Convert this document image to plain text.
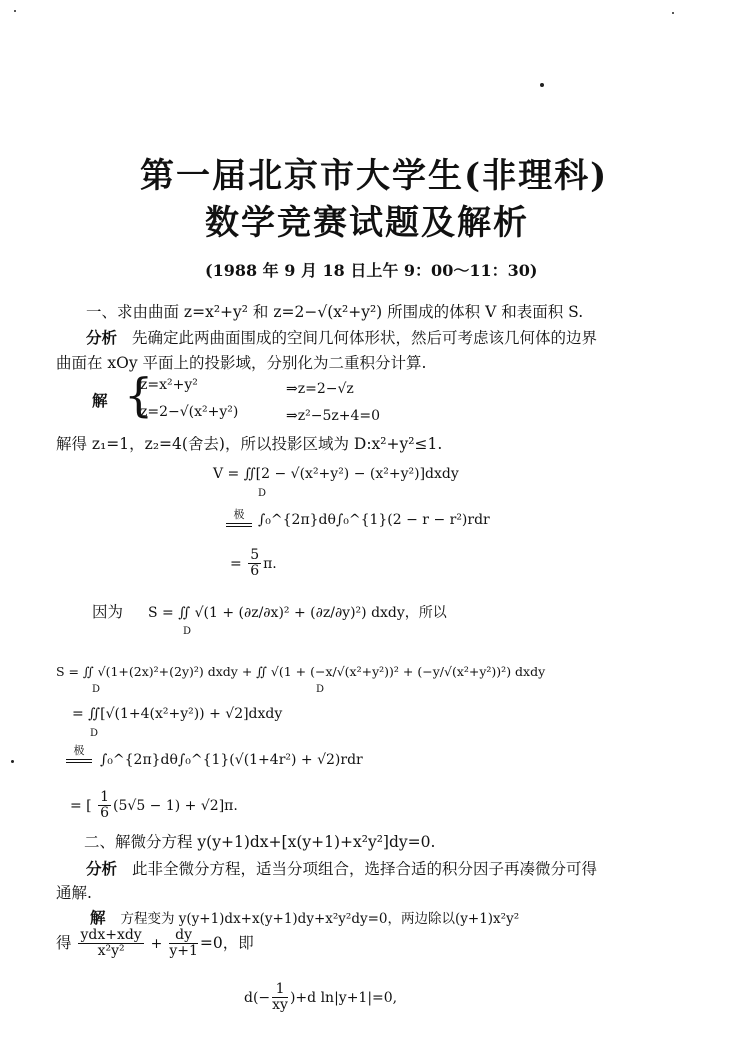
第一届北京市大学生(非理科)
数学竞赛试题及解析
(1988 年 9 月 18 日上午 9：00～11：30)
一、求由曲面 z=x²+y² 和 z=2−√(x²+y²) 所围成的体积 V 和表面积 S.
分析 先确定此两曲面围成的空间几何体形状，然后可考虑该几何体的边界
曲面在 xOy 平面上的投影域，分别化为二重积分计算.
解 {
z=x²+y²	⇒z=2−√z
z=2−√(x²+y²)	⇒z²−5z+4=0
解得 z₁=1，z₂=4(舍去)，所以投影区域为 D:x²+y²≤1.
V = ∬[2 − √(x²+y²) − (x²+y²)]dxdy
D
极 ∫₀^{2π}dθ∫₀^{1}(2 − r − r²)rdr
= $\frac{5}{6} \pi$.
因为 S = ∬ √(1 + (∂z/∂x)² + (∂z/∂y)²) dxdy，所以
D
S = ∬ √(1+(2x)²+(2y)²) dxdy + ∬ √(1 + (−x/√(x²+y²))² + (−y/√(x²+y²))²) dxdy
D	D
= ∬[√(1+4(x²+y²)) + √2]dxdy
D
极
∫₀^{2π}dθ∫₀^{1}(√(1+4r²) + √2)rdr
= [ $\frac{1}{6} (5√5 - 1) + √2]\pi$.
二、解微分方程 y(y+1)dx+[x(y+1)+x²y²]dy=0.
分析 此非全微分方程，适当分项组合，选择合适的积分因子再凑微分可得
通解.
解 方程变为 y(y+1)dx+x(y+1)dy+x²y²dy=0，两边除以(y+1)x²y²
得 $\frac{\text{ydx+xdy}}{\text{x²y²}} + \frac{dy}{y+1} =0$，即
$d(- \frac{1}{xy} )+d$ ln|y+1|=0,
